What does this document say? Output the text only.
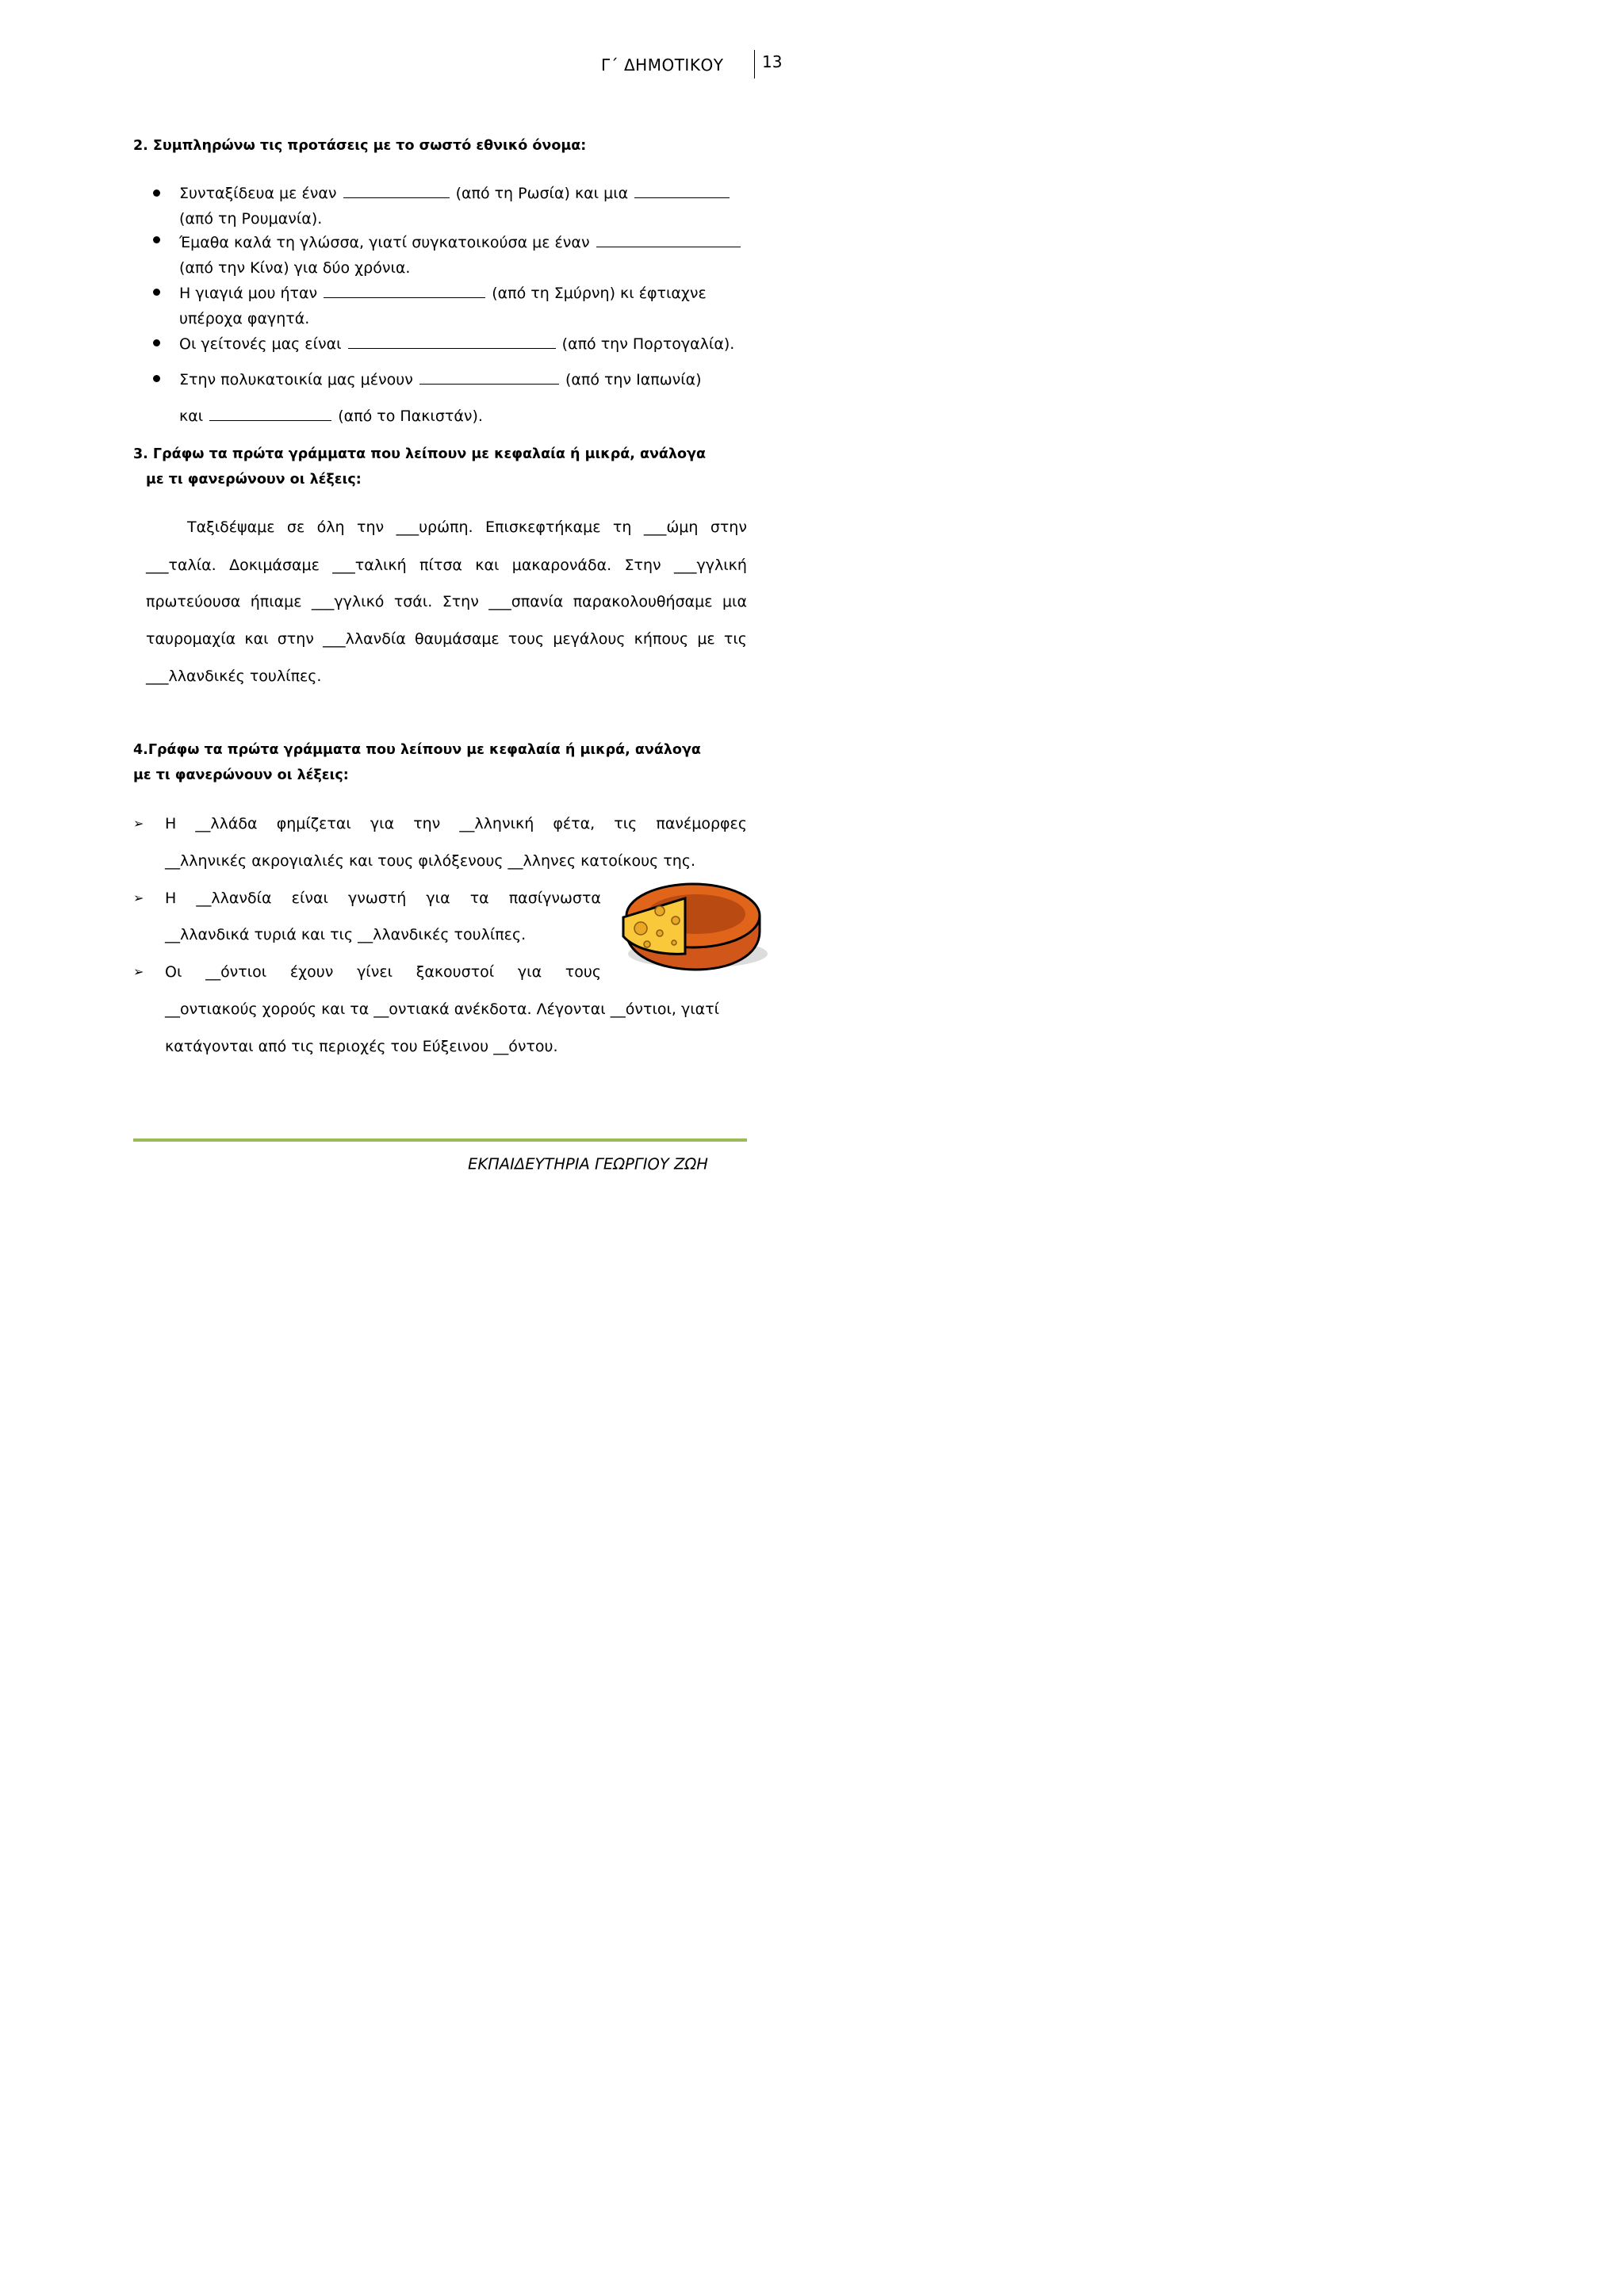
Γ΄ ΔΗΜΟΤΙΚΟΥ 13
2. Συμπληρώνω τις προτάσεις με το σωστό εθνικό όνομα:
Συνταξίδευα με έναν	(από τη Ρωσία) και μια
(από τη Ρουμανία).
Έμαθα καλά τη γλώσσα, γιατί συγκατοικούσα με έναν
(από την Κίνα) για δύο χρόνια.
Η γιαγιά μου ήταν	(από τη Σμύρνη) κι έφτιαχνε
υπέροχα φαγητά.
Οι γείτονές μας είναι	(από την Πορτογαλία).
Στην πολυκατοικία μας μένουν	(από την Ιαπωνία)
και	(από το Πακιστάν).
3. Γράφω τα πρώτα γράμματα που λείπουν με κεφαλαία ή μικρά, ανάλογα
με τι φανερώνουν οι λέξεις:
Ταξιδέψαμε σε όλη την ___υρώπη. Επισκεφτήκαμε τη ___ώμη στην
___ταλία. Δοκιμάσαμε ___ταλική πίτσα και μακαρονάδα. Στην ___γγλική
πρωτεύουσα ήπιαμε ___γγλικό τσάι. Στην ___σπανία παρακολουθήσαμε μια
ταυρομαχία και στην ___λλανδία θαυμάσαμε τους μεγάλους κήπους με τις
___λλανδικές τουλίπες.
4.Γράφω τα πρώτα γράμματα που λείπουν με κεφαλαία ή μικρά, ανάλογα
με τι φανερώνουν οι λέξεις:
➢ Η __λλάδα φημίζεται για την __λληνική φέτα, τις πανέμορφες
__λληνικές ακρογιαλιές και τους φιλόξενους __λληνες κατοίκους της.
➢ Η __λλανδία είναι γνωστή για τα πασίγνωστα
__λλανδικά τυριά και τις __λλανδικές τουλίπες.
➢ Οι __όντιοι έχουν γίνει ξακουστοί για τους
__οντιακούς χορούς και τα __οντιακά ανέκδοτα. Λέγονται __όντιοι, γιατί
κατάγονται από τις περιοχές του Εύξεινου __όντου.
ΕΚΠΑΙΔΕΥΤΗΡΙΑ ΓΕΩΡΓΙΟΥ ΖΩΗ
